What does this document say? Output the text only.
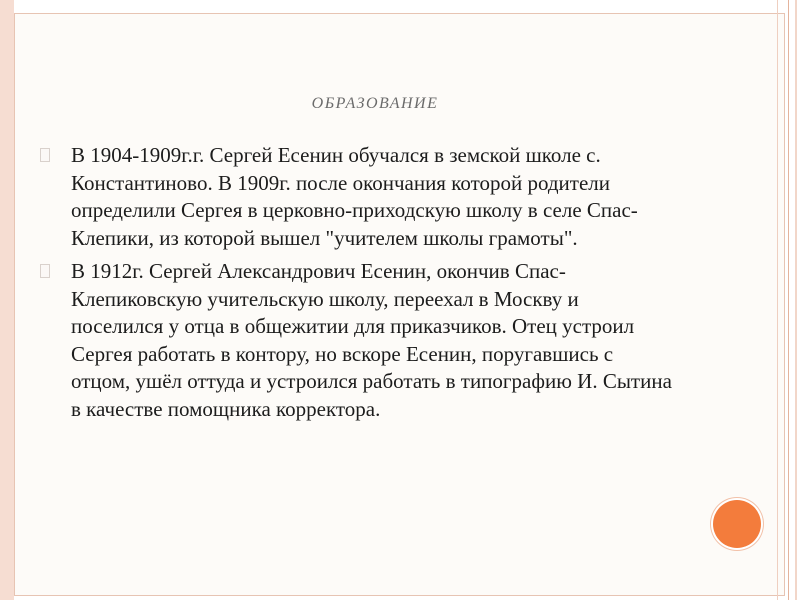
ОБРАЗОВАНИЕ
В 1904-1909г.г. Сергей Есенин обучался в земской школе с. Константиново. В 1909г. после окончания которой родители определили Сергея в церковно-приходскую школу в селе Спас-Клепики, из которой вышел "учителем школы грамоты".
В 1912г. Сергей Александрович Есенин, окончив Спас-Клепиковскую учительскую школу, переехал в Москву и поселился у отца в общежитии для приказчиков. Отец устроил Сергея работать в контору, но вскоре Есенин, поругавшись с отцом, ушёл оттуда и устроился работать в типографию И. Сытина в качестве помощника корректора.
